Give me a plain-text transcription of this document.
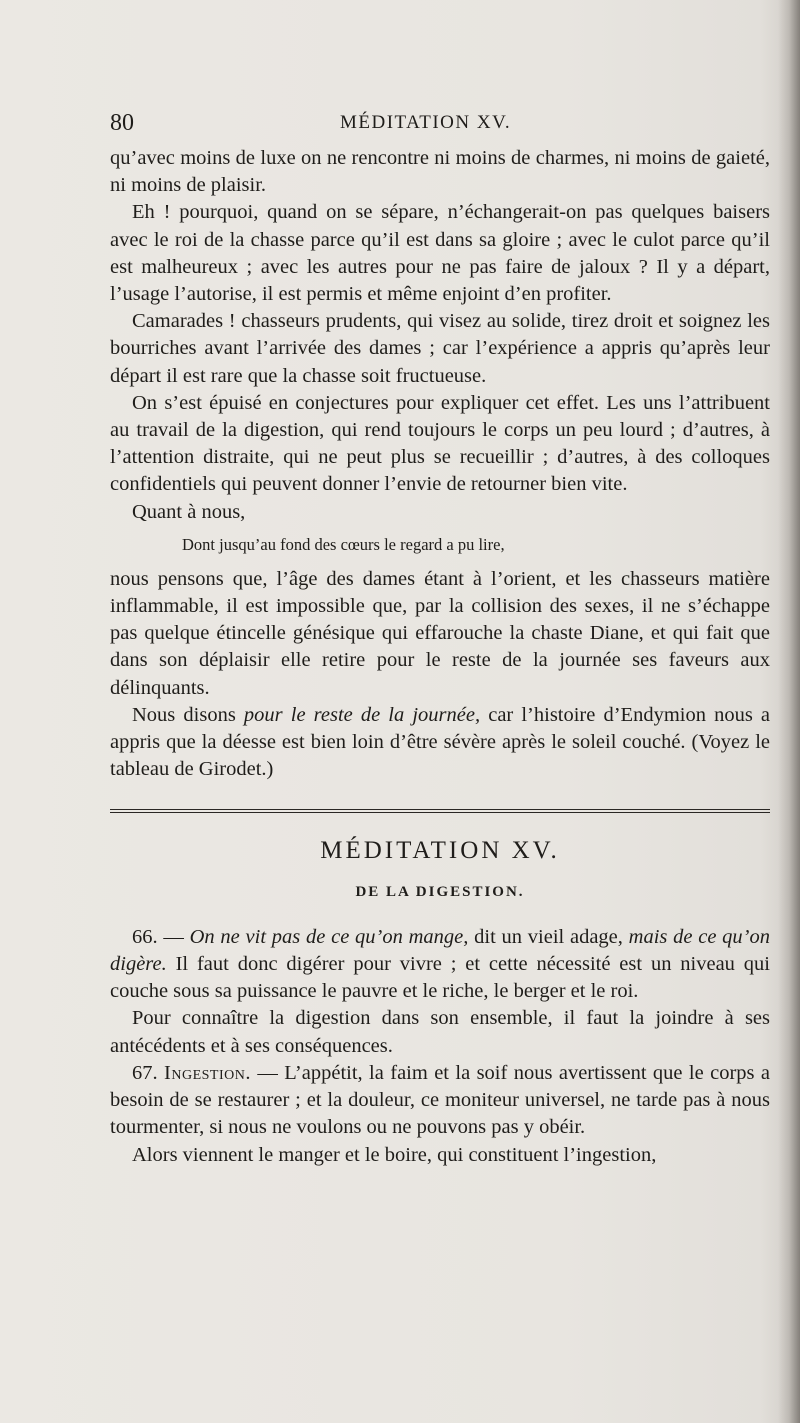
80	MÉDITATION XV.

qu’avec moins de luxe on ne rencontre ni moins de charmes, ni moins de gaieté, ni moins de plaisir.

Eh ! pourquoi, quand on se sépare, n’échangerait-on pas quelques baisers avec le roi de la chasse parce qu’il est dans sa gloire ; avec le culot parce qu’il est malheureux ; avec les autres pour ne pas faire de jaloux ? Il y a départ, l’usage l’autorise, il est permis et même enjoint d’en profiter.

Camarades ! chasseurs prudents, qui visez au solide, tirez droit et soignez les bourriches avant l’arrivée des dames ; car l’expérience a appris qu’après leur départ il est rare que la chasse soit fructueuse.

On s’est épuisé en conjectures pour expliquer cet effet. Les uns l’attribuent au travail de la digestion, qui rend toujours le corps un peu lourd ; d’autres, à l’attention distraite, qui ne peut plus se recueillir ; d’autres, à des colloques confidentiels qui peuvent donner l’envie de retourner bien vite.

Quant à nous,

Dont jusqu’au fond des cœurs le regard a pu lire,

nous pensons que, l’âge des dames étant à l’orient, et les chasseurs matière inflammable, il est impossible que, par la collision des sexes, il ne s’échappe pas quelque étincelle génésique qui effarouche la chaste Diane, et qui fait que dans son déplaisir elle retire pour le reste de la journée ses faveurs aux délinquants.

Nous disons pour le reste de la journée, car l’histoire d’Endymion nous a appris que la déesse est bien loin d’être sévère après le soleil couché. (Voyez le tableau de Girodet.)

MÉDITATION XV.
DE LA DIGESTION.

66. — On ne vit pas de ce qu’on mange, dit un vieil adage, mais de ce qu’on digère. Il faut donc digérer pour vivre ; et cette nécessité est un niveau qui couche sous sa puissance le pauvre et le riche, le berger et le roi.

Pour connaître la digestion dans son ensemble, il faut la joindre à ses antécédents et à ses conséquences.

67. Ingestion. — L’appétit, la faim et la soif nous avertissent que le corps a besoin de se restaurer ; et la douleur, ce moniteur universel, ne tarde pas à nous tourmenter, si nous ne voulons ou ne pouvons pas y obéir.

Alors viennent le manger et le boire, qui constituent l’ingestion,
